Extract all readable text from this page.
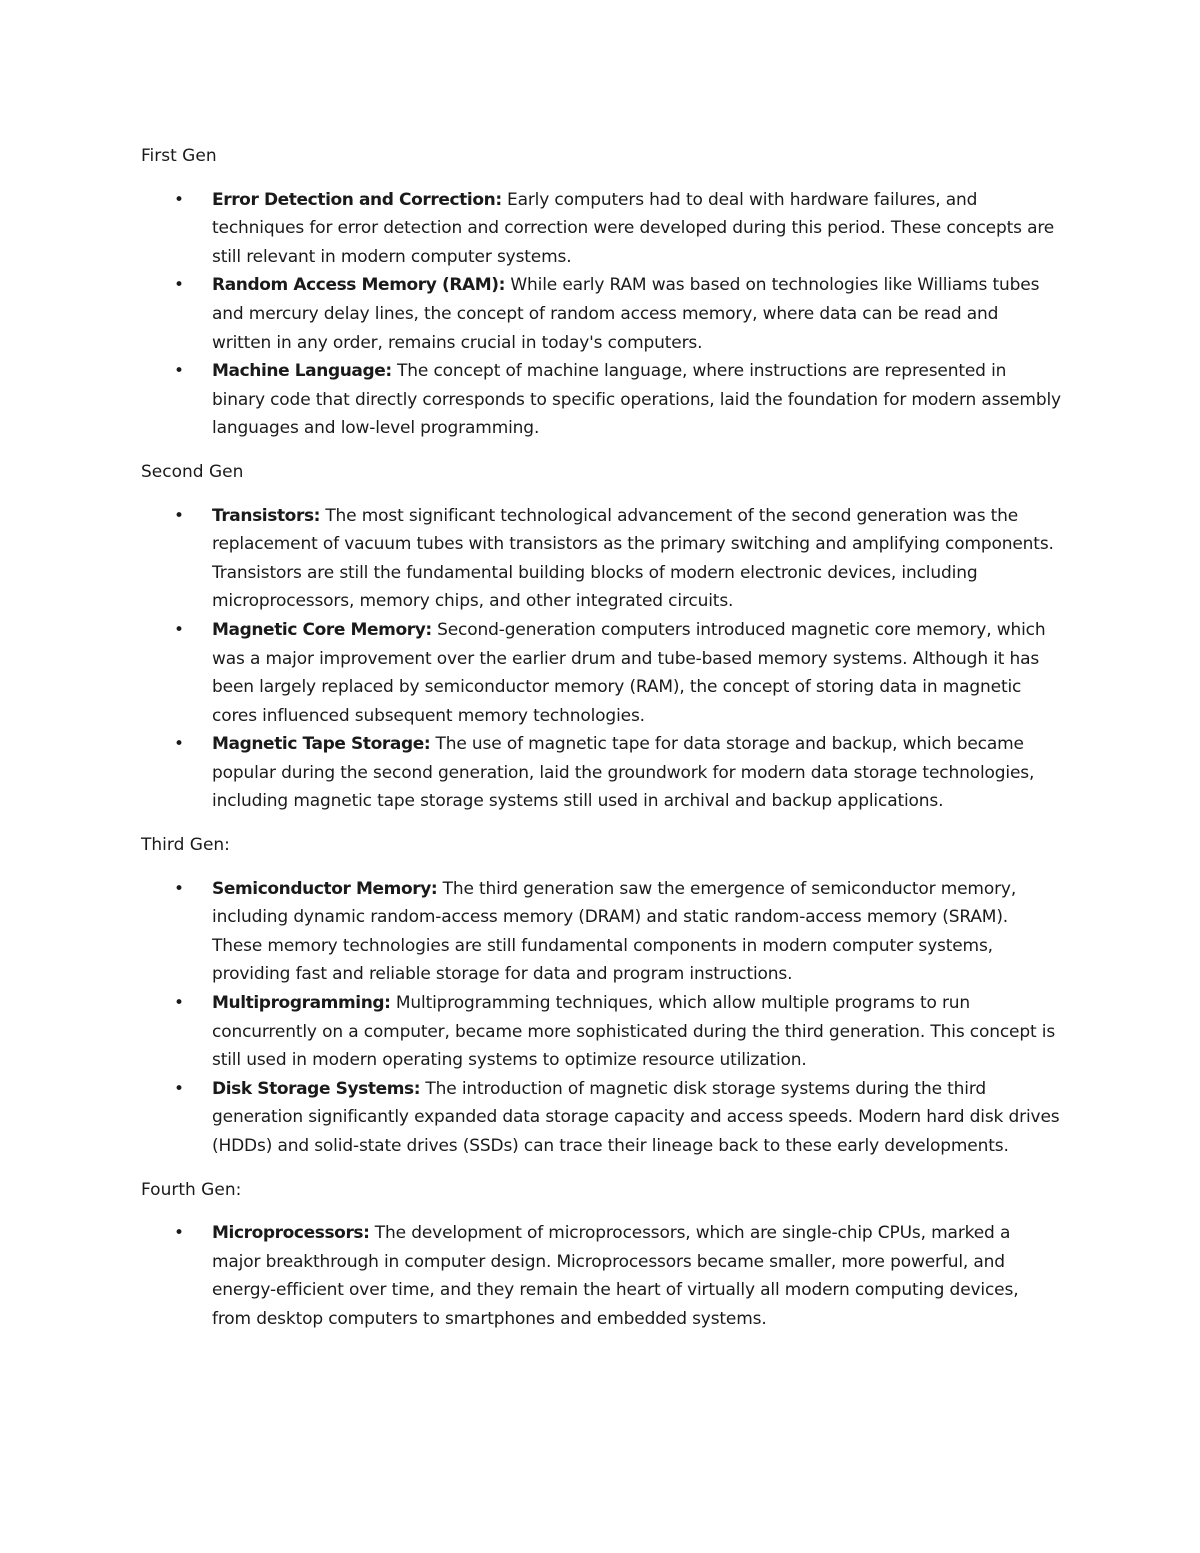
First Gen

• Error Detection and Correction: Early computers had to deal with hardware failures, and techniques for error detection and correction were developed during this period. These concepts are still relevant in modern computer systems.
• Random Access Memory (RAM): While early RAM was based on technologies like Williams tubes and mercury delay lines, the concept of random access memory, where data can be read and written in any order, remains crucial in today's computers.
• Machine Language: The concept of machine language, where instructions are represented in binary code that directly corresponds to specific operations, laid the foundation for modern assembly languages and low-level programming.

Second Gen

• Transistors: The most significant technological advancement of the second generation was the replacement of vacuum tubes with transistors as the primary switching and amplifying components. Transistors are still the fundamental building blocks of modern electronic devices, including microprocessors, memory chips, and other integrated circuits.
• Magnetic Core Memory: Second-generation computers introduced magnetic core memory, which was a major improvement over the earlier drum and tube-based memory systems. Although it has been largely replaced by semiconductor memory (RAM), the concept of storing data in magnetic cores influenced subsequent memory technologies.
• Magnetic Tape Storage: The use of magnetic tape for data storage and backup, which became popular during the second generation, laid the groundwork for modern data storage technologies, including magnetic tape storage systems still used in archival and backup applications.

Third Gen:

• Semiconductor Memory: The third generation saw the emergence of semiconductor memory, including dynamic random-access memory (DRAM) and static random-access memory (SRAM). These memory technologies are still fundamental components in modern computer systems, providing fast and reliable storage for data and program instructions.
• Multiprogramming: Multiprogramming techniques, which allow multiple programs to run concurrently on a computer, became more sophisticated during the third generation. This concept is still used in modern operating systems to optimize resource utilization.
• Disk Storage Systems: The introduction of magnetic disk storage systems during the third generation significantly expanded data storage capacity and access speeds. Modern hard disk drives (HDDs) and solid-state drives (SSDs) can trace their lineage back to these early developments.

Fourth Gen:

• Microprocessors: The development of microprocessors, which are single-chip CPUs, marked a major breakthrough in computer design. Microprocessors became smaller, more powerful, and energy-efficient over time, and they remain the heart of virtually all modern computing devices, from desktop computers to smartphones and embedded systems.
